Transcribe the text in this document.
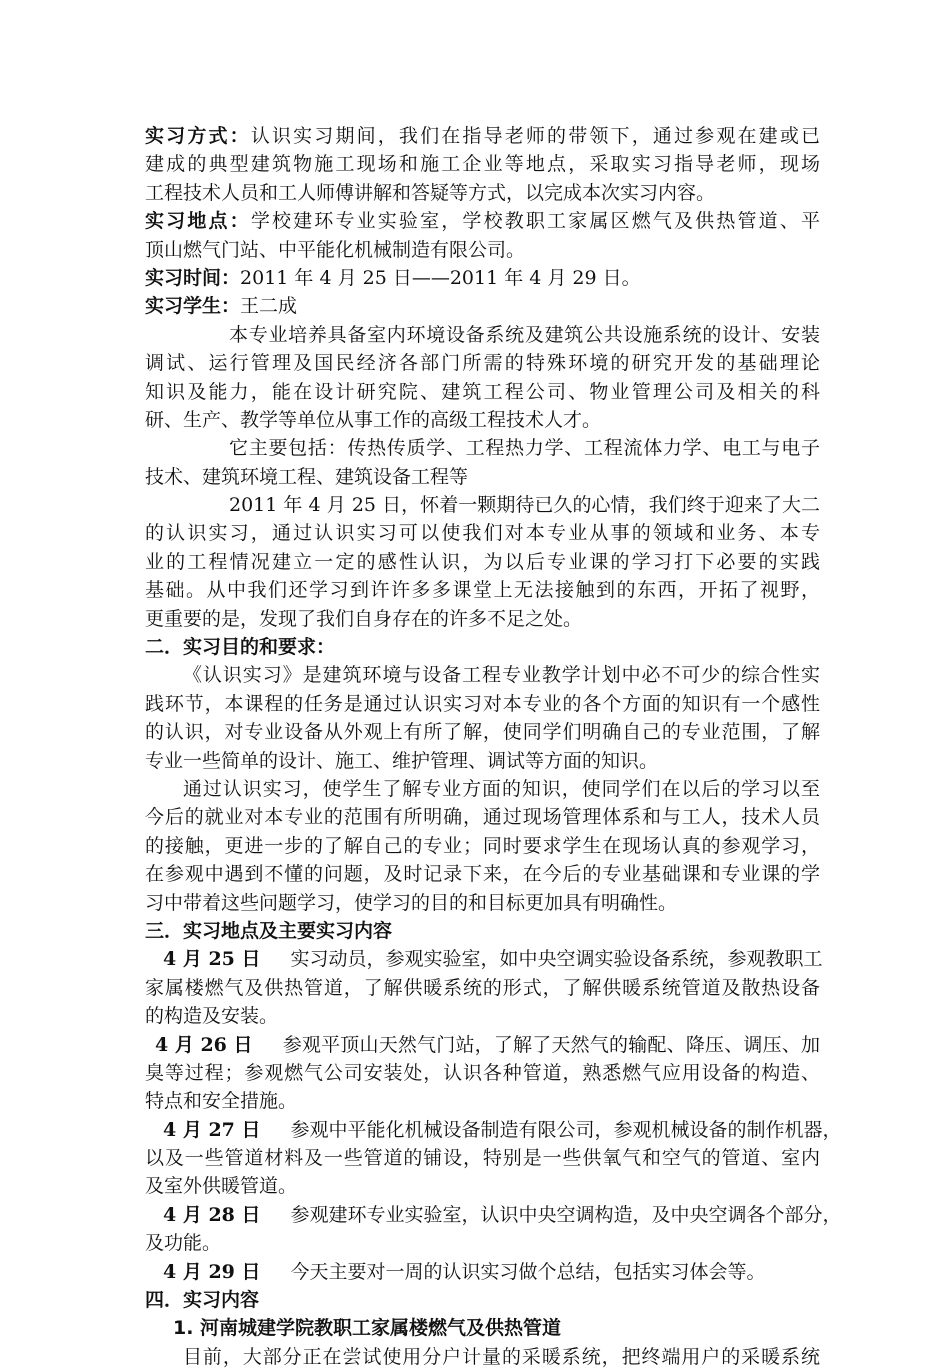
实习方式：认识实习期间，我们在指导老师的带领下，通过参观在建或已
建成的典型建筑物施工现场和施工企业等地点，采取实习指导老师，现场
工程技术人员和工人师傅讲解和答疑等方式，以完成本次实习内容。
实习地点：学校建环专业实验室，学校教职工家属区燃气及供热管道、平
顶山燃气门站、中平能化机械制造有限公司。
实习时间：2011 年 4 月 25 日——2011 年 4 月 29 日。
实习学生：王二成
本专业培养具备室内环境设备系统及建筑公共设施系统的设计、安装
调试、运行管理及国民经济各部门所需的特殊环境的研究开发的基础理论
知识及能力，能在设计研究院、建筑工程公司、物业管理公司及相关的科
研、生产、教学等单位从事工作的高级工程技术人才。
它主要包括：传热传质学、工程热力学、工程流体力学、电工与电子
技术、建筑环境工程、建筑设备工程等
2011 年 4 月 25 日，怀着一颗期待已久的心情，我们终于迎来了大二
的认识实习，通过认识实习可以使我们对本专业从事的领域和业务、本专
业的工程情况建立一定的感性认识，为以后专业课的学习打下必要的实践
基础。从中我们还学习到许许多多课堂上无法接触到的东西，开拓了视野，
更重要的是，发现了我们自身存在的许多不足之处。
二．实习目的和要求：
《认识实习》是建筑环境与设备工程专业教学计划中必不可少的综合性实
践环节，本课程的任务是通过认识实习对本专业的各个方面的知识有一个感性
的认识，对专业设备从外观上有所了解，使同学们明确自己的专业范围，了解
专业一些简单的设计、施工、维护管理、调试等方面的知识。
通过认识实习，使学生了解专业方面的知识，使同学们在以后的学习以至
今后的就业对本专业的范围有所明确，通过现场管理体系和与工人，技术人员
的接触，更进一步的了解自己的专业；同时要求学生在现场认真的参观学习，
在参观中遇到不懂的问题，及时记录下来，在今后的专业基础课和专业课的学
习中带着这些问题学习，使学习的目的和目标更加具有明确性。
三．实习地点及主要实习内容
4 月 25 日 实习动员，参观实验室，如中央空调实验设备系统，参观教职工
家属楼燃气及供热管道，了解供暖系统的形式，了解供暖系统管道及散热设备
的构造及安装。
4 月 26 日 参观平顶山天然气门站，了解了天然气的输配、降压、调压、加
臭等过程；参观燃气公司安装处，认识各种管道，熟悉燃气应用设备的构造、
特点和安全措施。
4 月 27 日 参观中平能化机械设备制造有限公司，参观机械设备的制作机器，
以及一些管道材料及一些管道的铺设，特别是一些供氧气和空气的管道、室内
及室外供暖管道。
4 月 28 日 参观建环专业实验室，认识中央空调构造，及中央空调各个部分，
及功能。
4 月 29 日 今天主要对一周的认识实习做个总结，包括实习体会等。
四．实习内容
1. 河南城建学院教职工家属楼燃气及供热管道
目前，大部分正在尝试使用分户计量的采暖系统，把终端用户的采暖系统
